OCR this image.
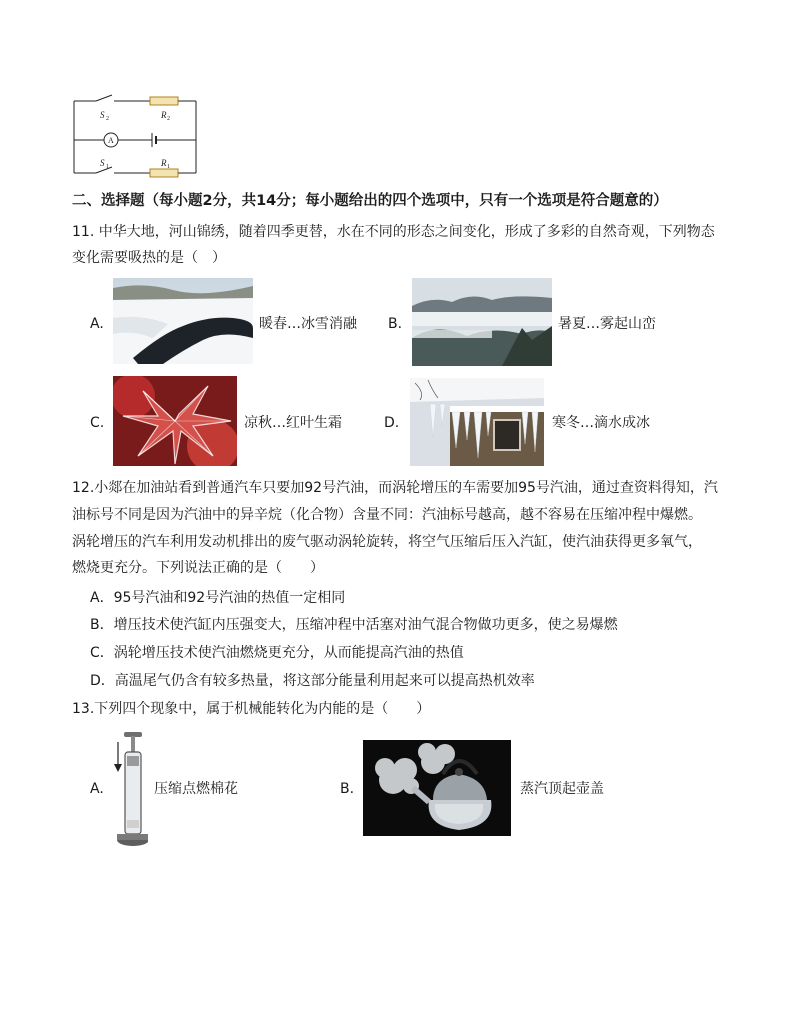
S 2	R 2
A
S 1	R 1
二、选择题（每小题2分，共14分；每小题给出的四个选项中，只有一个选项是符合题意的）
11. 中华大地，河山锦绣，随着四季更替，水在不同的形态之间变化，形成了多彩的自然奇观，下列物态
变化需要吸热的是（　）
A.	暖春…冰雪消融 B.	暑夏…雾起山峦
C.	凉秋…红叶生霜	D.	寒冬…滴水成冰
12.小郯在加油站看到普通汽车只要加92号汽油，而涡轮增压的车需要加95号汽油，通过查资料得知，汽
油标号不同是因为汽油中的异辛烷（化合物）含量不同：汽油标号越高，越不容易在压缩冲程中爆燃。
涡轮增压的汽车利用发动机排出的废气驱动涡轮旋转，将空气压缩后压入汽缸，使汽油获得更多氧气，
燃烧更充分。下列说法正确的是（　　）
A．95号汽油和92号汽油的热值一定相同
B．增压技术使汽缸内压强变大，压缩冲程中活塞对油气混合物做功更多，使之易爆燃
C．涡轮增压技术使汽油燃烧更充分，从而能提高汽油的热值
D．高温尾气仍含有较多热量，将这部分能量利用起来可以提高热机效率
13.下列四个现象中，属于机械能转化为内能的是（　　）
A.	压缩点燃棉花	B.	蒸汽顶起壶盖
